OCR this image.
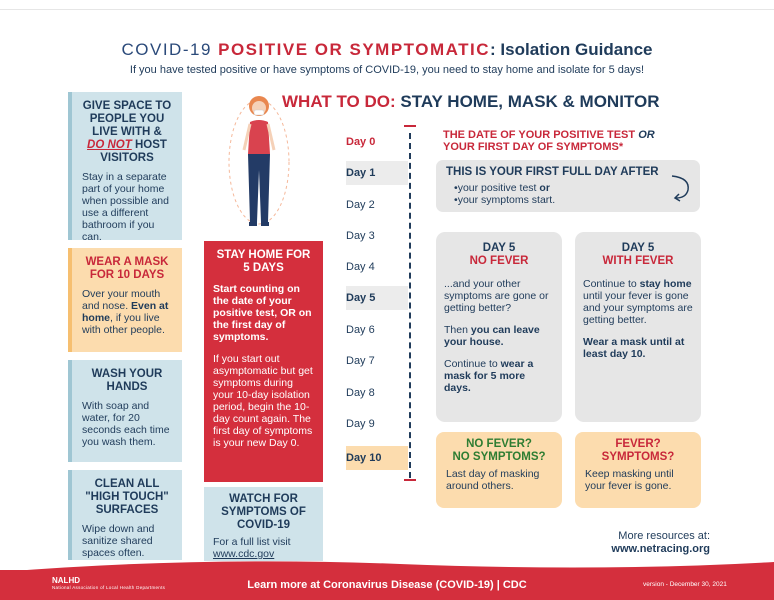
COVID-19 POSITIVE OR SYMPTOMATIC: Isolation Guidance
If you have tested positive or have symptoms of COVID-19, you need to stay home and isolate for 5 days!
GIVE SPACE TO PEOPLE YOU LIVE WITH & DO NOT HOST VISITORS

Stay in a separate part of your home when possible and use a different bathroom if you can.

WEAR A MASK FOR 10 DAYS

Over your mouth and nose. Even at home, if you live with other people.

WASH YOUR HANDS

With soap and water, for 20 seconds each time you wash them.

CLEAN ALL "HIGH TOUCH" SURFACES

Wipe down and sanitize shared spaces often.

WHAT TO DO: STAY HOME, MASK & MONITOR
STAY HOME FOR 5 DAYS

Start counting on the date of your positive test, OR on the first day of symptoms.

If you start out asymptomatic but get symptoms during your 10-day isolation period, begin the 10-day count again. The first day of symptoms is your new Day 0.

WATCH FOR SYMPTOMS OF COVID-19

For a full list visit www.cdc.gov

Day 0
Day 1
Day 2
Day 3
Day 4
Day 5
Day 6
Day 7
Day 8
Day 9
Day 10
THE DATE OF YOUR POSITIVE TEST OR
YOUR FIRST DAY OF SYMPTOMS*
THIS IS YOUR FIRST FULL DAY AFTER
• your positive test or
• your symptoms start.
DAY 5
NO FEVER

...and your other symptoms are gone or getting better?

Then you can leave your house.

Continue to wear a mask for 5 more days.

DAY 5
WITH FEVER

Continue to stay home until your fever is gone and your symptoms are getting better.

Wear a mask until at least day 10.

NO FEVER?
NO SYMPTOMS?

Last day of masking around others.

FEVER?
SYMPTOMS?

Keep masking until your fever is gone.

More resources at:
www.netracing.org
NALHD
National Association of Local Health Departments	Learn more at Coronavirus Disease (COVID-19) | CDC	version - December 30, 2021
